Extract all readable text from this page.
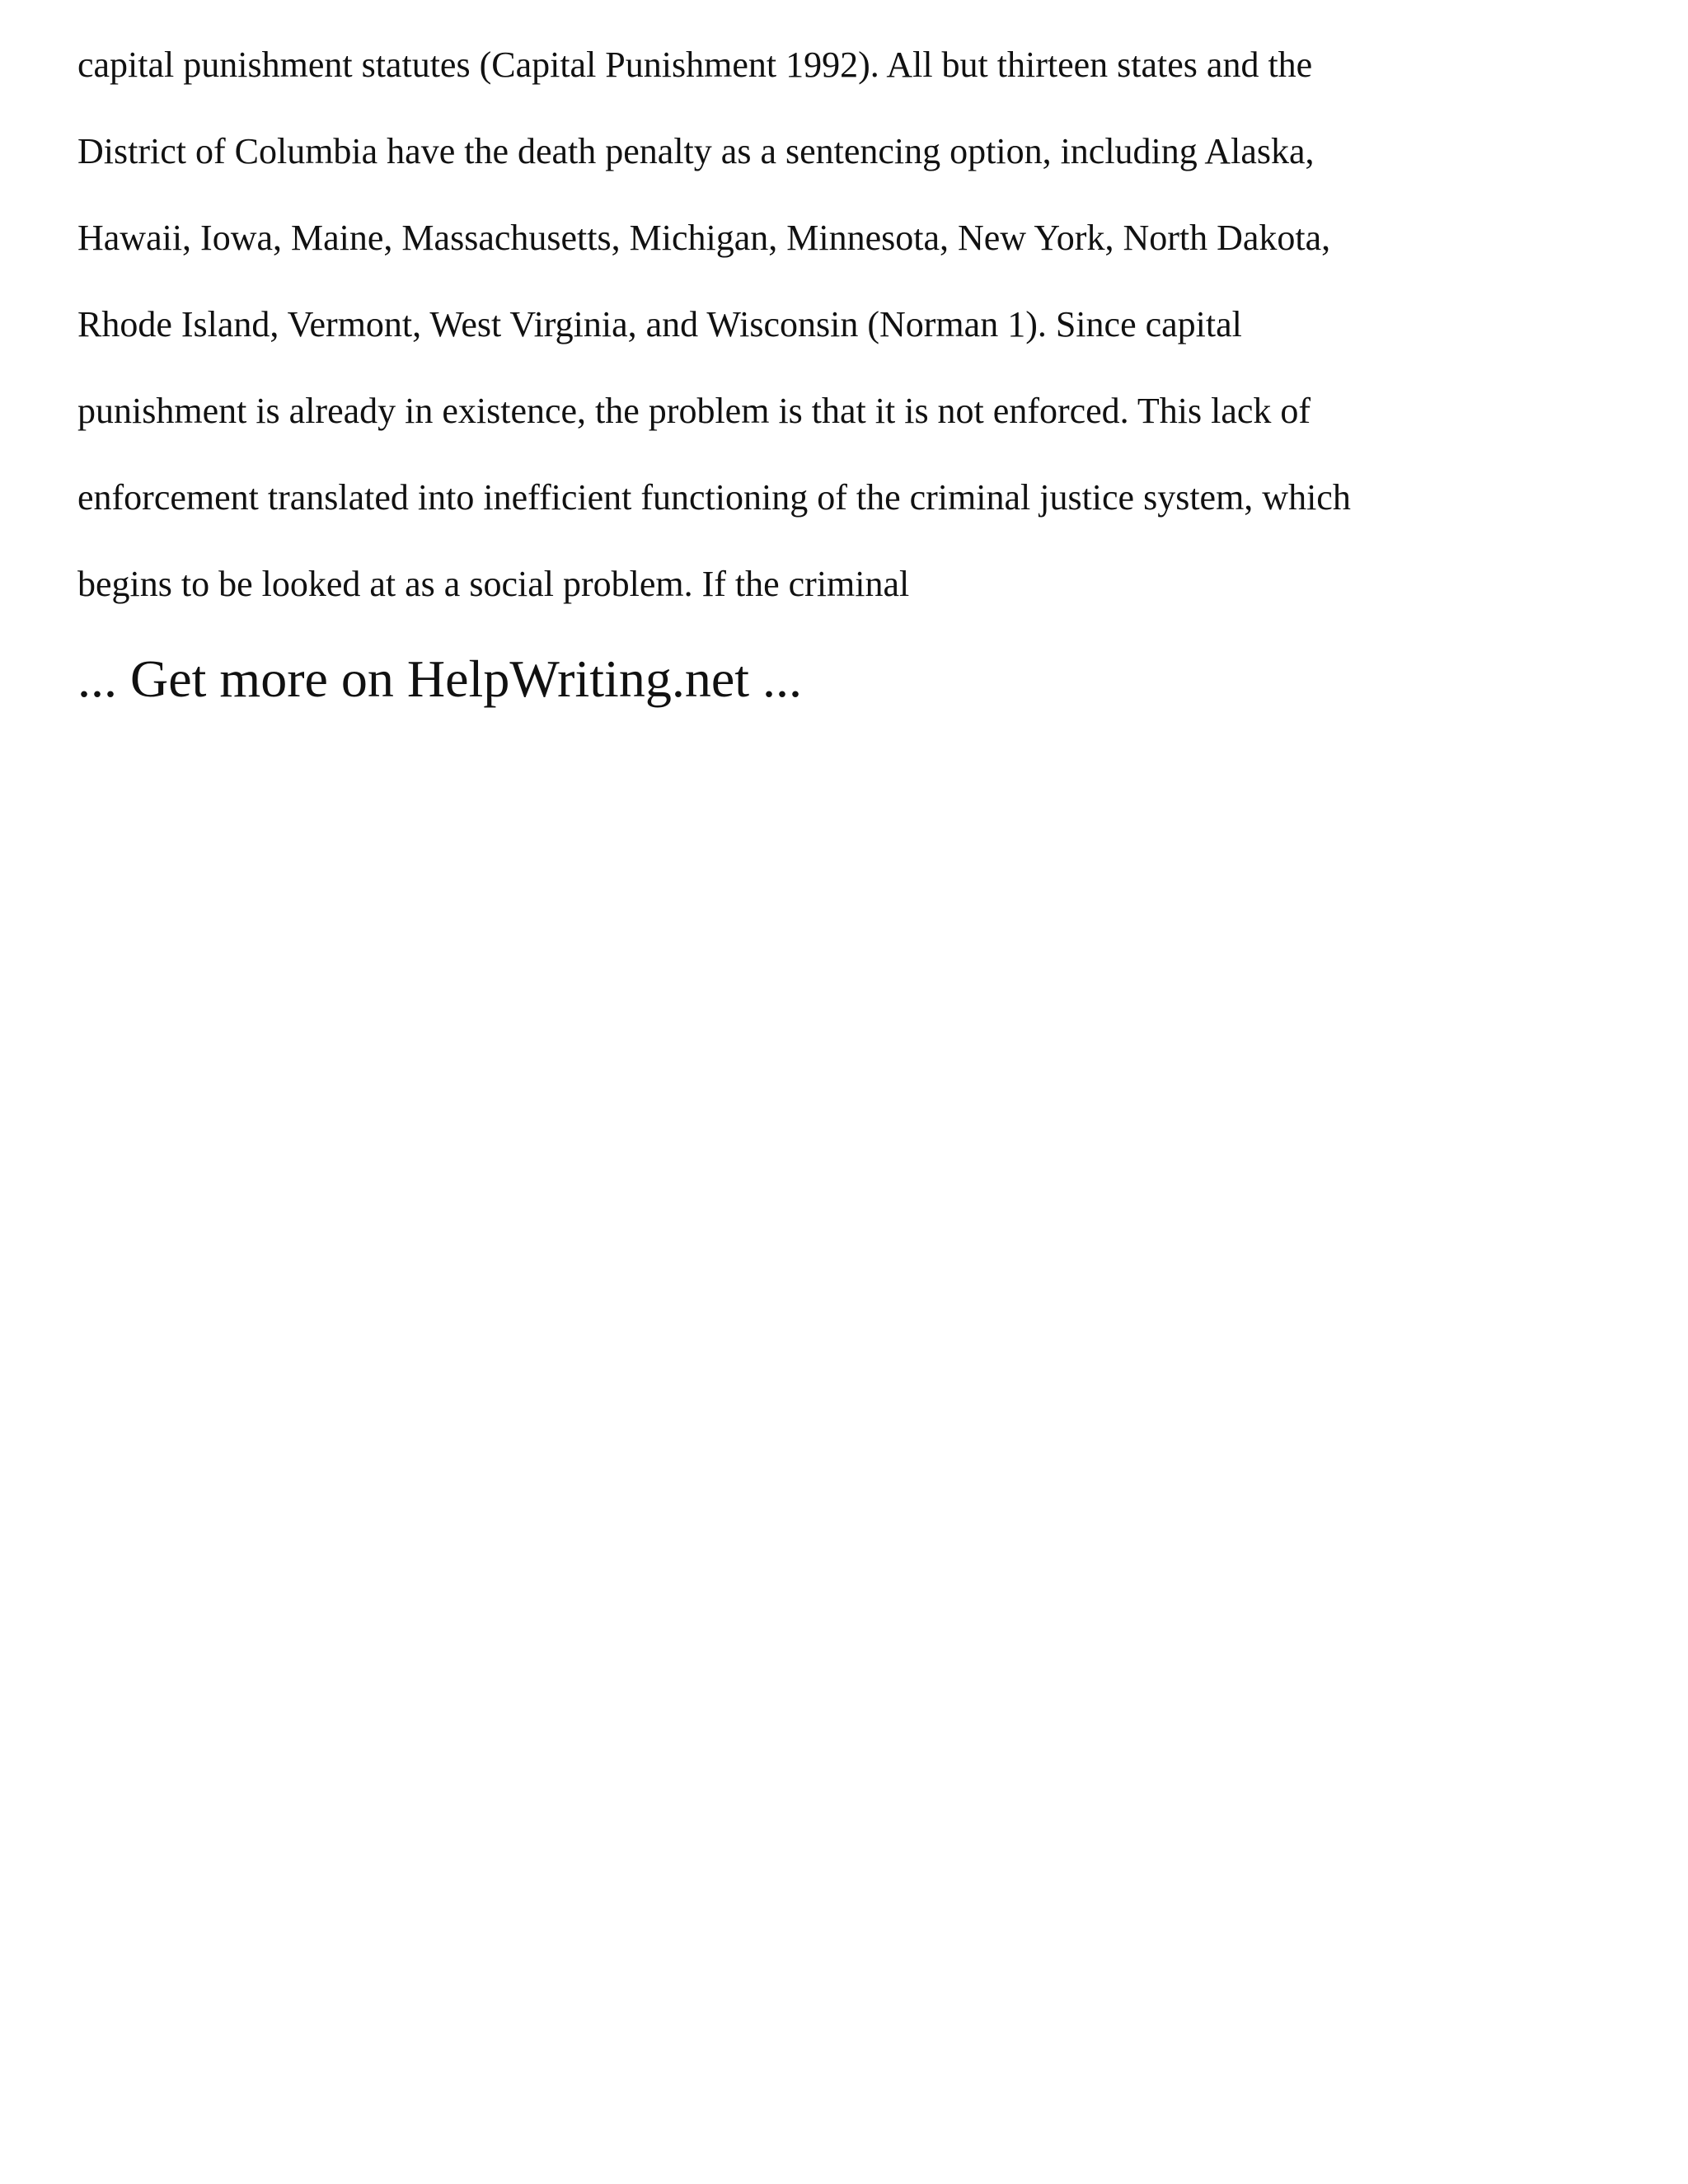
capital punishment statutes (Capital Punishment 1992). All but thirteen states and the
District of Columbia have the death penalty as a sentencing option, including Alaska,
Hawaii, Iowa, Maine, Massachusetts, Michigan, Minnesota, New York, North Dakota,
Rhode Island, Vermont, West Virginia, and Wisconsin (Norman 1). Since capital
punishment is already in existence, the problem is that it is not enforced. This lack of
enforcement translated into inefficient functioning of the criminal justice system, which
begins to be looked at as a social problem. If the criminal

... Get more on HelpWriting.net ...
